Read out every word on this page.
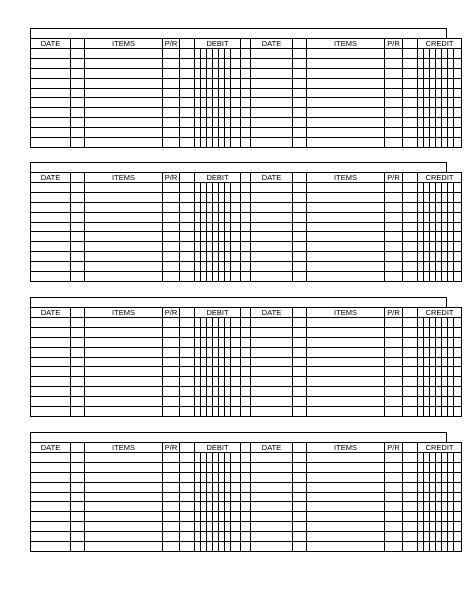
DATE		ITEMS	P/R		DEBIT								DATE		ITEMS	P/R		CREDIT						

DATE		ITEMS	P/R		DEBIT								DATE		ITEMS	P/R		CREDIT						

DATE		ITEMS	P/R		DEBIT								DATE		ITEMS	P/R		CREDIT						

DATE		ITEMS	P/R		DEBIT								DATE		ITEMS	P/R		CREDIT						
